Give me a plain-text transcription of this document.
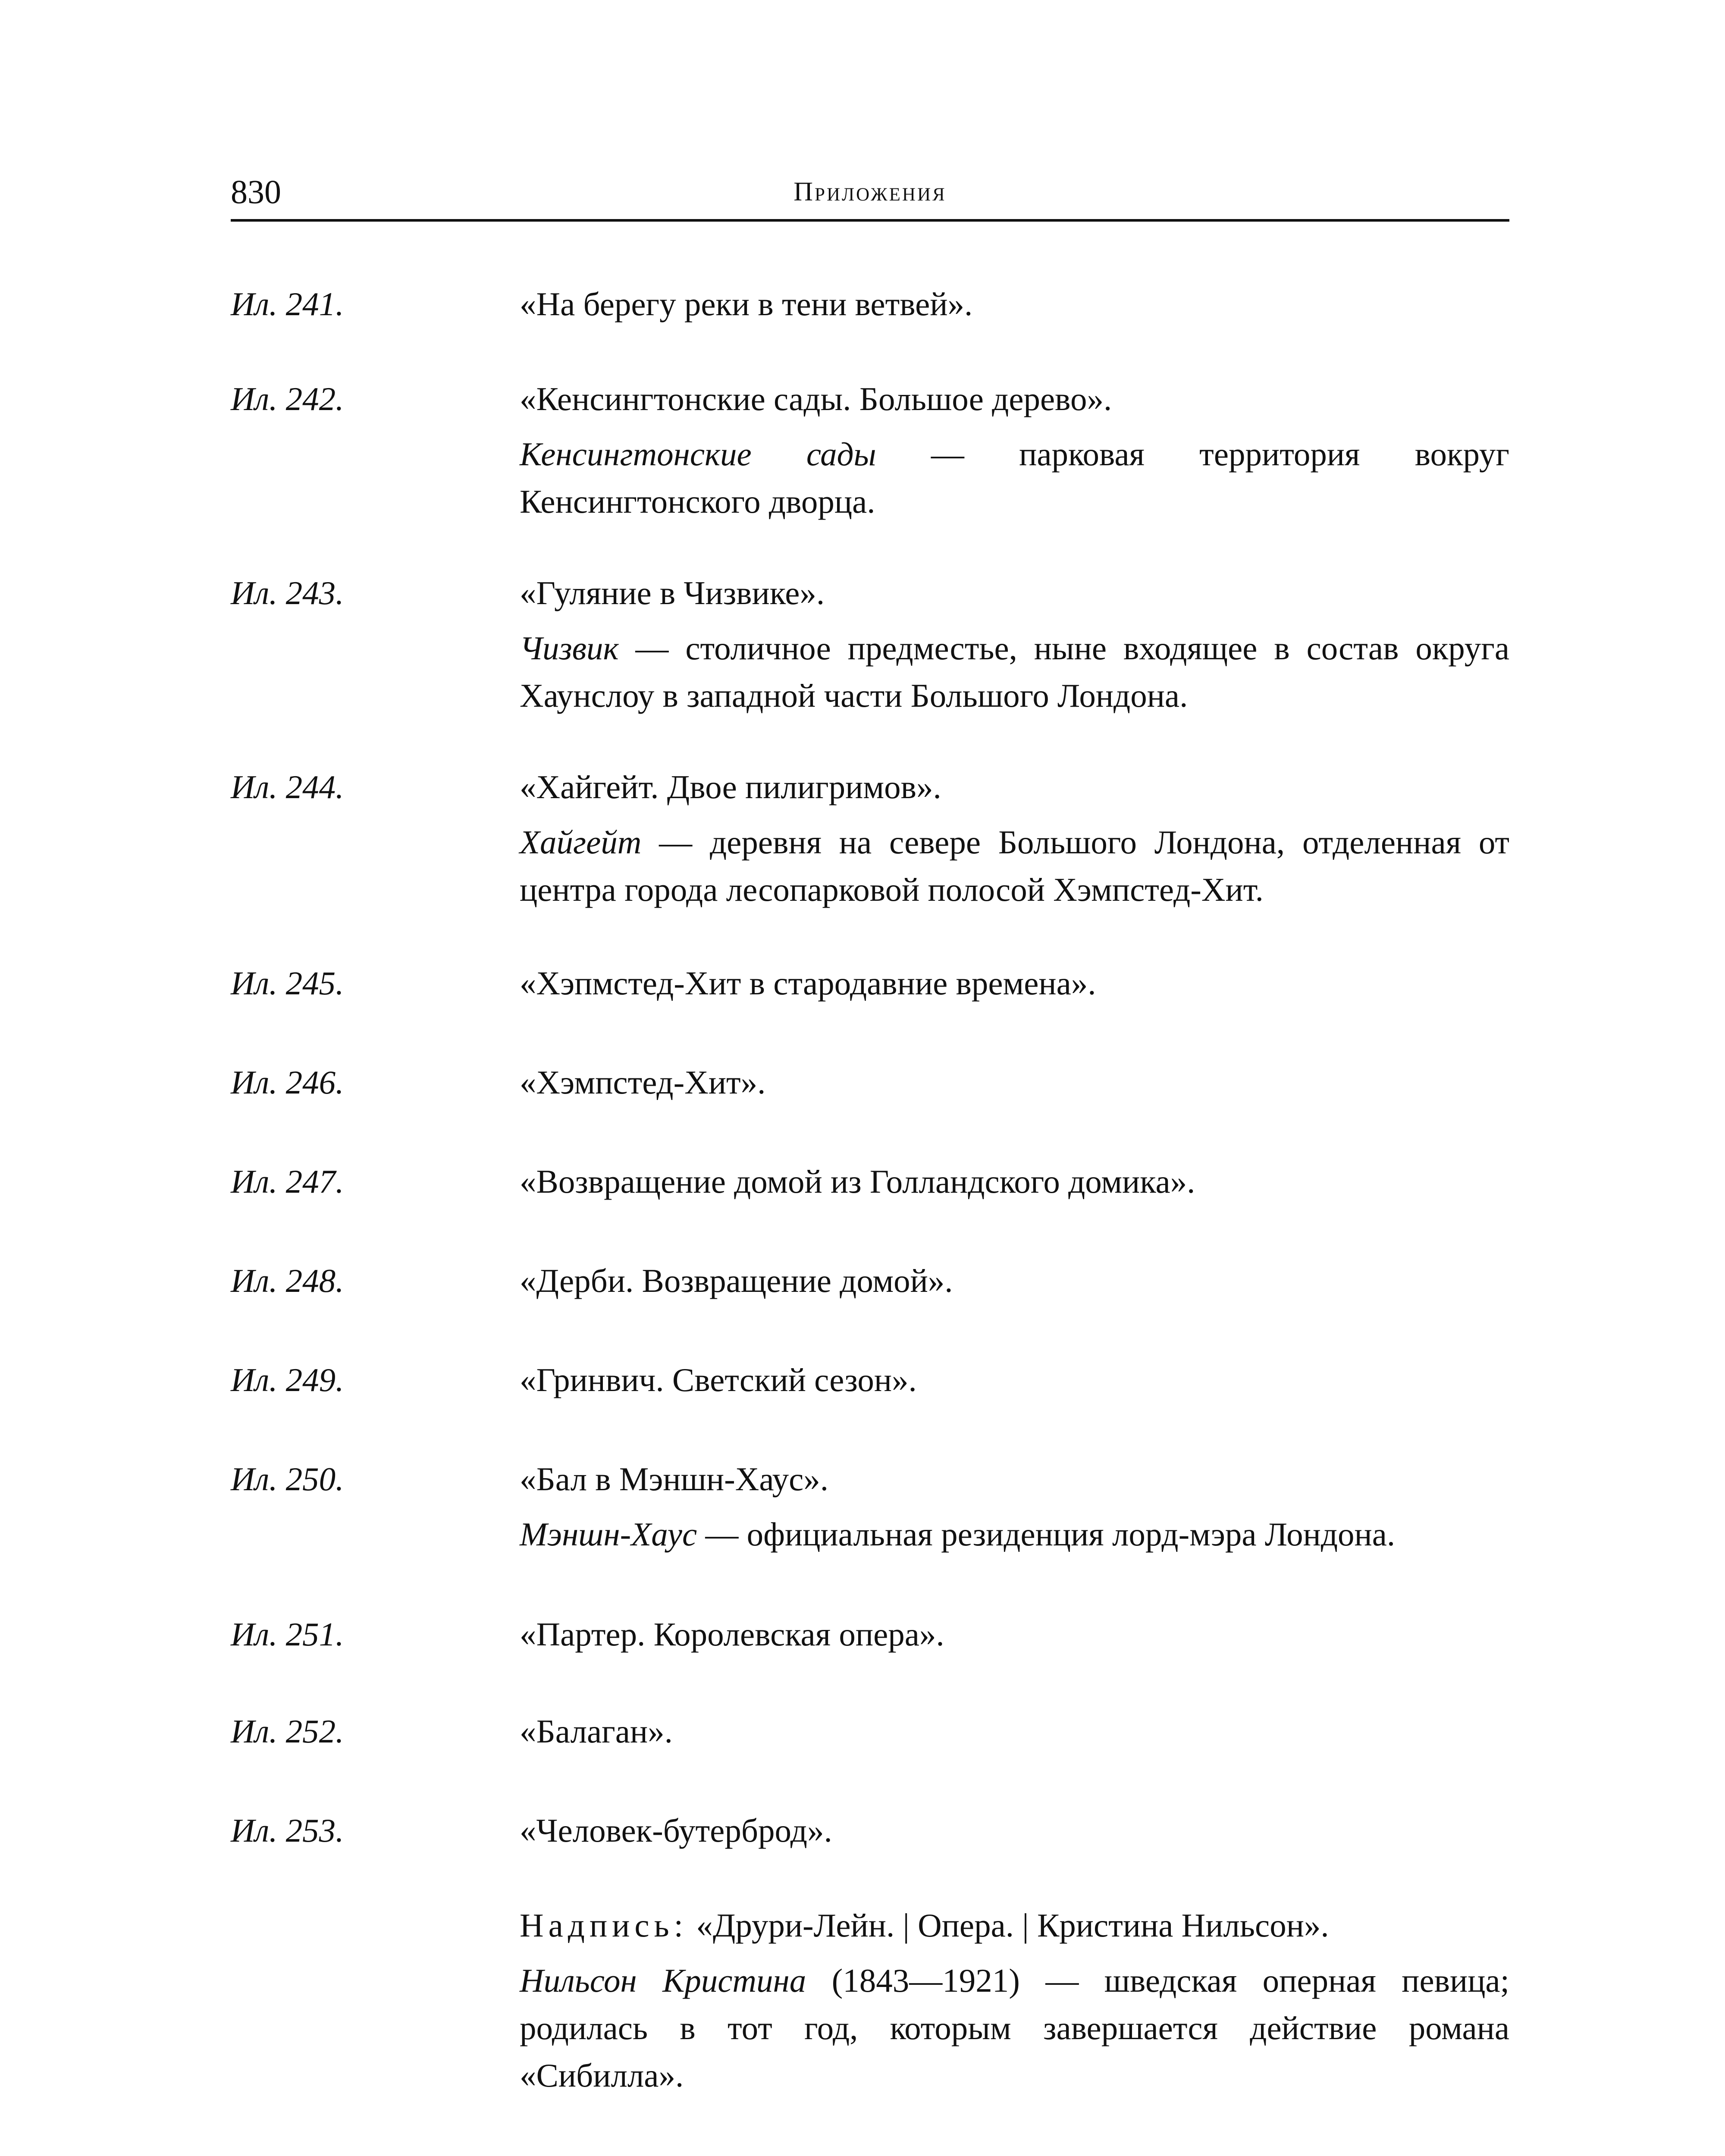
830	Приложения
Ил. 241.	«На берегу реки в тени ветвей».

Ил. 242.	«Кенсингтонские сады. Большое дерево».

Кенсингтонские сады — парковая территория вокруг Кенсингтонского дворца.

Ил. 243.	«Гуляние в Чизвике».

Чизвик — столичное предместье, ныне входящее в состав округа Хаунслоу в западной части Большого Лондона.

Ил. 244.	«Хайгейт. Двое пилигримов».

Хайгейт — деревня на севере Большого Лондона, отделенная от центра города лесопарковой полосой Хэмпстед-Хит.

Ил. 245.	«Хэпмстед-Хит в стародавние времена».

Ил. 246.	«Хэмпстед-Хит».

Ил. 247.	«Возвращение домой из Голландского домика».

Ил. 248.	«Дерби. Возвращение домой».

Ил. 249.	«Гринвич. Светский сезон».

Ил. 250.	«Бал в Мэншн-Хаус».

Мэншн-Хаус — официальная резиденция лорд-мэра Лондона.

Ил. 251.	«Партер. Королевская опера».

Ил. 252.	«Балаган».

Ил. 253.	«Человек-бутерброд».

Надпись: «Друри-Лейн. | Опера. | Кристина Нильсон».

Нильсон Кристина (1843—1921) — шведская оперная певица; родилась в тот год, которым завершается действие романа «Сибилла».
